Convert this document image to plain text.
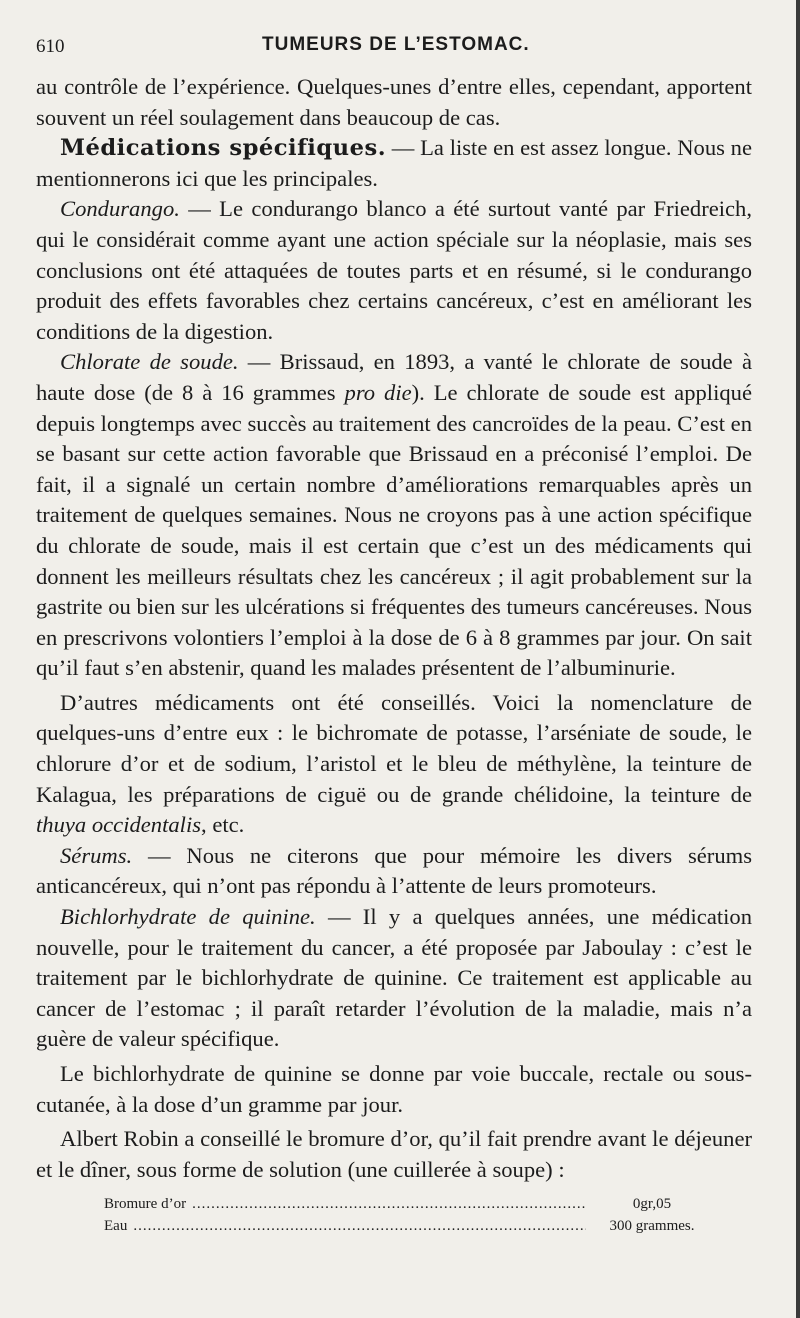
610	TUMEURS DE L’ESTOMAC.

au contrôle de l’expérience. Quelques-unes d’entre elles, cependant, apportent souvent un réel soulagement dans beaucoup de cas.

Médications spécifiques. — La liste en est assez longue. Nous ne mentionnerons ici que les principales.

Condurango. — Le condurango blanco a été surtout vanté par Friedreich, qui le considérait comme ayant une action spéciale sur la néoplasie, mais ses conclusions ont été attaquées de toutes parts et en résumé, si le condurango produit des effets favorables chez certains cancéreux, c’est en améliorant les conditions de la digestion.

Chlorate de soude. — Brissaud, en 1893, a vanté le chlorate de soude à haute dose (de 8 à 16 grammes pro die). Le chlorate de soude est appliqué depuis longtemps avec succès au traitement des cancroïdes de la peau. C’est en se basant sur cette action favorable que Brissaud en a préconisé l’emploi. De fait, il a signalé un certain nombre d’améliorations remarquables après un traitement de quelques semaines. Nous ne croyons pas à une action spécifique du chlorate de soude, mais il est certain que c’est un des médicaments qui donnent les meilleurs résultats chez les cancéreux ; il agit probablement sur la gastrite ou bien sur les ulcérations si fréquentes des tumeurs cancéreuses. Nous en prescrivons volontiers l’emploi à la dose de 6 à 8 grammes par jour. On sait qu’il faut s’en abstenir, quand les malades présentent de l’albuminurie.

D’autres médicaments ont été conseillés. Voici la nomenclature de quelques-uns d’entre eux : le bichromate de potasse, l’arséniate de soude, le chlorure d’or et de sodium, l’aristol et le bleu de méthylène, la teinture de Kalagua, les préparations de ciguë ou de grande chélidoine, la teinture de thuya occidentalis, etc.

Sérums. — Nous ne citerons que pour mémoire les divers sérums anticancéreux, qui n’ont pas répondu à l’attente de leurs promoteurs.

Bichlorhydrate de quinine. — Il y a quelques années, une médication nouvelle, pour le traitement du cancer, a été proposée par Jaboulay : c’est le traitement par le bichlorhydrate de quinine. Ce traitement est applicable au cancer de l’estomac ; il paraît retarder l’évolution de la maladie, mais n’a guère de valeur spécifique.

Le bichlorhydrate de quinine se donne par voie buccale, rectale ou sous-cutanée, à la dose d’un gramme par jour.

Albert Robin a conseillé le bromure d’or, qu’il fait prendre avant le déjeuner et le dîner, sous forme de solution (une cuillerée à soupe) :

Bromure d’or .....	0gr,05
Eau .....	300 grammes.
